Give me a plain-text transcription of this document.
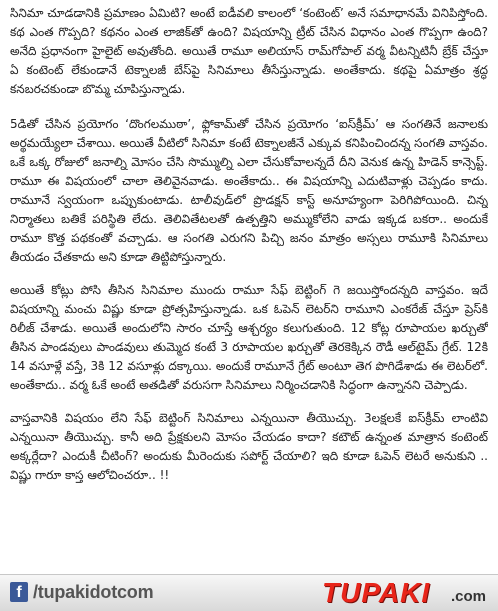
సినిమా చూడడానికి ప్రమాణం ఏమిటి? అంటే ఐడీవలి కాలంలో ‘కంటెంట్’ అనే సమాధానమే వినిపిస్తోంది. కథ ఎంత గొప్పది? కథనం ఎంత లాజిక్‌తో ఉంది? విషయాన్ని ట్రీట్ చేసిన విధానం ఎంత గొప్పగా ఉంది? అనేది ప్రధానంగా హైలైట్ అవుతోంది. అయితే రామూ అలియాస్ రామ్‌గోపాల్ వర్మ వీటన్నిటినీ బ్రేక్ చేస్తూ ఏ కంటెంట్ లేకుండానే టెక్నాలజీ బేస్‌పై సినిమాలు తీసేస్తున్నాడు. అంతేకాదు. కథపై ఏమాత్రం శ్రద్ధ కనబరచకుండా బొమ్మ చూపిస్తున్నాడు.

5డితో చేసిన ప్రయోగం ‘దొంగలముఠా’, ఫ్లోకామ్‌తో చేసిన ప్రయోగం ‘ఐస్‌క్రీమ్’ ఆ సంగతినే జనాలకు అర్థమయ్యేలా చేశాయి. అయితే వీటిలో సినిమా కంటే టెక్నాలజీనే ఎక్కువ కనిపించిందన్న సంగతి వాస్తవం. ఒకే ఒక్క రోజులో జనాల్ని మోసం చేసి సొమ్ముల్ని ఎలా చేసుకోవాలన్నదే దీని వెనుక ఉన్న హిడెన్ కాన్సెప్ట్. రామూ ఈ విషయంలో చాలా తెలివైనవాడు. అంతేకాదు.. ఈ విషయాన్ని ఎదుటివాళ్లు చెప్పడం కాదు. రామూనే స్వయంగా ఒప్పుకుంటాడు. టాలీవుడ్‌లో ప్రొడక్షన్ కాస్ట్ అనూహ్యంగా పెరిగిపోయింది. చిన్న నిర్మాతలు బతికే పరిస్థితి లేదు. తెలివితేటలతో ఉత్పత్తిని అమ్ముకోలేని వాడు ఇక్కడ బకరా.. అందుకే రామూ కొత్త పథకంతో వచ్చాడు. ఆ సంగతి ఎరుగని పిచ్చి జనం మాత్రం అస్సలు రామూకి సినిమాలు తీయడం చేతకాదు అని కూడా తిట్టిపోస్తున్నారు.

అయితే కోట్లు పోసి తీసిన సినిమాల ముందు రామూ సేఫ్ బెట్టింగ్ గె జయిస్తోందన్నది వాస్తవం. ఇదే విషయాన్ని మంచు విష్ణు కూడా ప్రోత్సహిస్తున్నాడు. ఒక ఓపెన్ లెటర్‌ని రామూని ఎంకరేజ్ చేస్తూ ప్రెస్‌కి రిలీజ్ చేశాడు. అయితే అందులోని సారం చూస్తే ఆశ్చర్యం కలుగుతుంది. 12 కోట్ల రూపాయల ఖర్చుతో తీసిన పాండవులు పాండవులు తుమ్మెద కంటే 3 రూపాయల ఖర్చుతో తెరకెక్కిన రౌడీ ఆల్‌టైమ్ గ్రేట్. 12కి 14 వసూళ్లే వస్తే, 3కి 12 వసూళ్లు దక్కాయి. అందుకే రామూనే గ్రేట్ అంటూ తెగ పొగిడేశాడు ఈ లెటర్‌లో. అంతేకాదు.. వర్మ ఓకే అంటే అతడితో వరుసగా సినిమాలు నిర్మించడానికి సిద్ధంగా ఉన్నానని చెప్పాడు.

వాస్తవానికి విషయం లేని సేఫ్ బెట్టింగ్ సినిమాలు ఎన్నయినా తీయొచ్చు. 3లక్షలకే ఐస్‌క్రీమ్ లాంటివి ఎన్నయినా తీయొచ్చు. కానీ అది ప్రేక్షకులని మోసం చేయడం కాదా? కటౌట్ ఉన్నంత మాత్రాన కంటెంట్ అక్కర్లేదా? ఎందుకీ చీటింగ్? అందుకు మీరెందుకు సపోర్ట్ చేయాలి? ఇది కూడా ఓపెన్ లెటరే అనుకుని .. విష్ణు గారూ కాస్త ఆలోచించరూ.. !!

f /tupakidotcom	TUPAKI .com
